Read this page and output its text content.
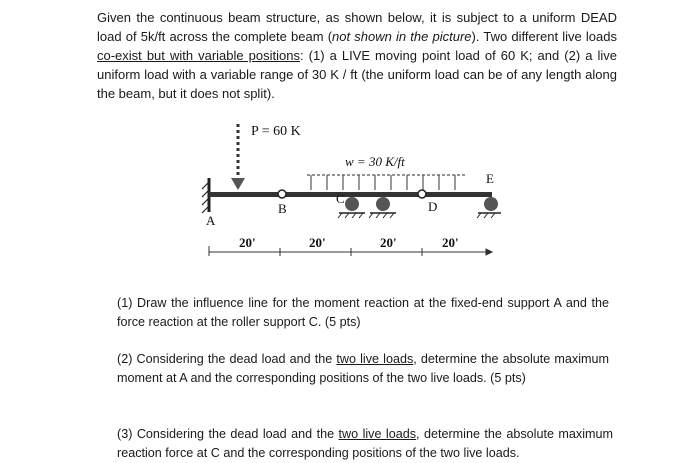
Given the continuous beam structure, as shown below, it is subject to a uniform DEAD load of 5k/ft across the complete beam (not shown in the picture). Two different live loads co-exist but with variable positions: (1) a LIVE moving point load of 60 K; and (2) a live uniform load with a variable range of 30 K / ft (the uniform load can be of any length along the beam, but it does not split).
P = 60 K
w = 30 K/ft
A
B
C
D
E
20'	20'	20'	20'
(1) Draw the influence line for the moment reaction at the fixed-end support A and the force reaction at the roller support C. (5 pts)
(2) Considering the dead load and the two live loads, determine the absolute maximum moment at A and the corresponding positions of the two live loads. (5 pts)
(3) Considering the dead load and the two live loads, determine the absolute maximum reaction force at C and the corresponding positions of the two live loads.
